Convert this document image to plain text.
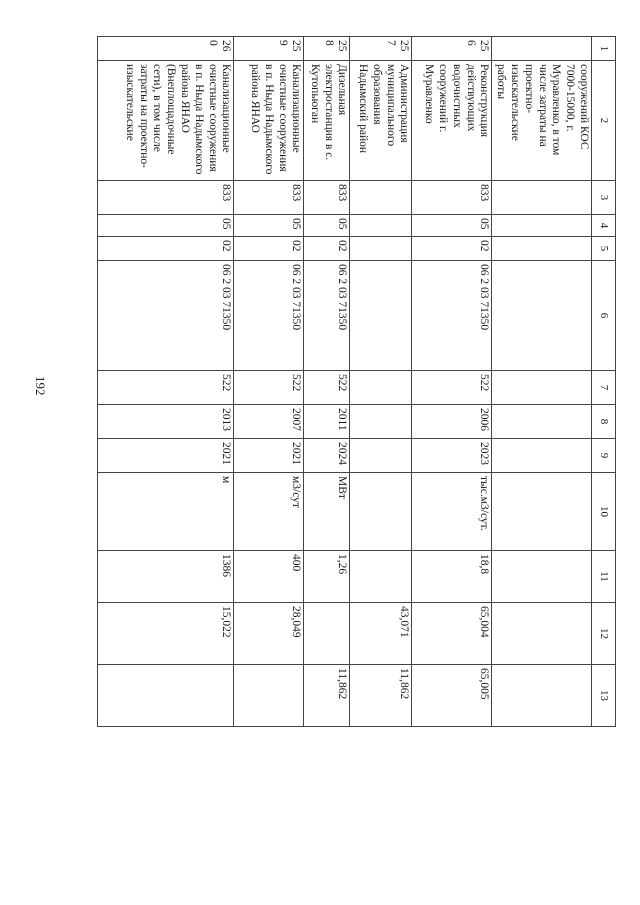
192
1	2	3	4	5	6	7	8	9	10	11	12	13
	сооружений КОС 7000-15000, г. Муравленко, в том числе затраты на проектно-изыскательские работы											
256	Реконструкция действующих водочистных сооружений г. Муравленко	833	05	02	06 2 03 71350	522	2006	2023	тыс.м3/сут.	18,8	65,004	65,005
257	Администрация муниципального образования Надымский район										43,071	11,862
258	Дизельная электростанция в с. Кутопьюган	833	05	02	06 2 03 71350	522	2011	2024	МВт	1,26		11,862
259	Канализационные очистные сооружения в п. Ныда Надымского района ЯНАО	833	05	02	06 2 03 71350	522	2007	2021	м3/сут	400	28,049	
260	Канализационные очистные сооружения в п. Ныда Надымского района ЯНАО (Внеплощадочные сети), в том числе затраты на проектно-изыскательские	833	05	02	06 2 03 71350	522	2013	2021	м	1386	15,022	
